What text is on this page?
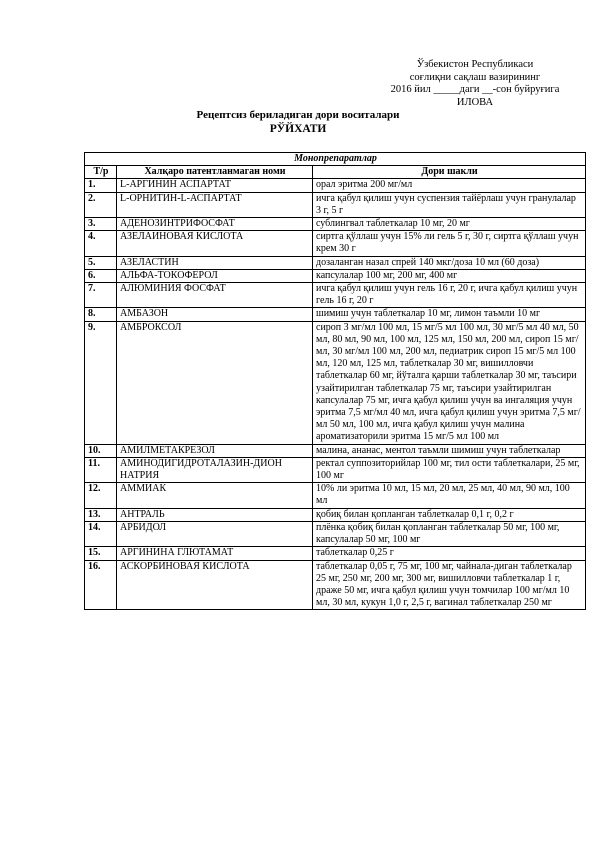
Ўзбекистон Республикаси
соғлиқни сақлаш вазирининг
2016 йил _____даги __-сон буйруғига
ИЛОВА
Рецептсиз бериладиган дори воситалари
РЎЙХАТИ
Монопрепаратлар		
Т/р	Халқаро патентланмаган номи	Дори шакли
1.	L-АРГИНИН АСПАРТАТ	орал эритма 200 мг/мл
2.	L-ОРНИТИН-L-АСПАРТАТ	ичга қабул қилиш учун суспензия тайёрлаш учун гранулалар 3 г, 5 г
3.	АДЕНОЗИНТРИФОСФАТ	сублингвал таблеткалар 10 мг, 20 мг
4.	АЗЕЛАИНОВАЯ КИСЛОТА	сиртга қўллаш учун 15% ли гель 5 г, 30 г, сиртга қўллаш учун крем 30 г
5.	АЗЕЛАСТИН	дозаланган назал спрей 140 мкг/доза 10 мл (60 доза)
6.	АЛЬФА-ТОКОФЕРОЛ	капсулалар 100 мг, 200 мг, 400 мг
7.	АЛЮМИНИЯ ФОСФАТ	ичга қабул қилиш учун гель 16 г, 20 г, ичга қабул қилиш учун гель 16 г, 20 г
8.	АМБАЗОН	шимиш учун таблеткалар 10 мг, лимон таъмли 10 мг
9.	АМБРОКСОЛ	сироп 3 мг/мл 100 мл, 15 мг/5 мл 100 мл, 30 мг/5 мл 40 мл, 50 мл, 80 мл, 90 мл, 100 мл, 125 мл, 150 мл, 200 мл, сироп 15 мг/мл, 30 мг/мл 100 мл, 200 мл, педиатрик сироп 15 мг/5 мл 100 мл, 120 мл, 125 мл, таблеткалар 30 мг, вишилловчи таблеткалар 60 мг, йўталга қарши таблеткалар 30 мг, таъсири узайтирилган таблеткалар 75 мг, таъсири узайтирилган капсулалар 75 мг, ичга қабул қилиш учун ва ингаляция учун эритма 7,5 мг/мл 40 мл, ичга қабул қилиш учун эритма 7,5 мг/мл 50 мл, 100 мл, ичга қабул қилиш учун малина ароматизаторили эритма 15 мг/5 мл 100 мл
10.	АМИЛМЕТАКРЕЗОЛ	малина, ананас, ментол таъмли шимиш учун таблеткалар
11.	АМИНОДИГИДРОТАЛАЗИН-ДИОН НАТРИЯ	ректал суппозиторийлар 100 мг, тил ости таблеткалари, 25 мг, 100 мг
12.	АММИАК	10% ли эритма 10 мл, 15 мл, 20 мл, 25 мл, 40 мл, 90 мл, 100 мл
13.	АНТРАЛЬ	қобиқ билан қопланган таблеткалар 0,1 г, 0,2 г
14.	АРБИДОЛ	плёнка қобиқ билан қопланган таблеткалар 50 мг, 100 мг, капсулалар 50 мг, 100 мг
15.	АРГИНИНА ГЛЮТАМАТ	таблеткалар 0,25 г
16.	АСКОРБИНОВАЯ КИСЛОТА	таблеткалар 0,05 г, 75 мг, 100 мг, чайнала-диган таблеткалар 25 мг, 250 мг, 200 мг, 300 мг, вишилловчи таблеткалар 1 г, драже 50 мг, ичга қабул қилиш учун томчилар 100 мг/мл 10 мл, 30 мл, кукун 1,0 г, 2,5 г, вагинал таблеткалар 250 мг
